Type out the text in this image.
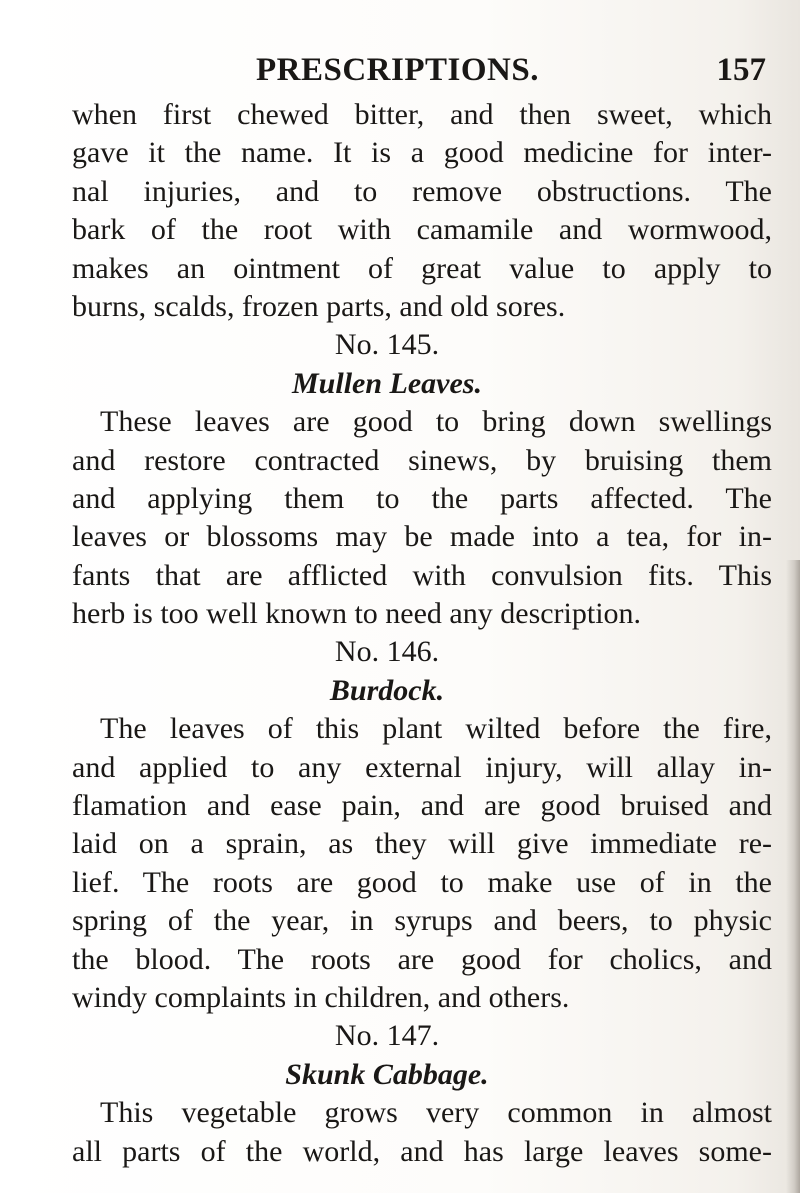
PRESCRIPTIONS.	157
when first chewed bitter, and then sweet, which
gave it the name. It is a good medicine for inter-
nal injuries, and to remove obstructions. The
bark of the root with camamile and wormwood,
makes an ointment of great value to apply to
burns, scalds, frozen parts, and old sores.
No. 145.
Mullen Leaves.
These leaves are good to bring down swellings
and restore contracted sinews, by bruising them
and applying them to the parts affected. The
leaves or blossoms may be made into a tea, for in-
fants that are afflicted with convulsion fits. This
herb is too well known to need any description.
No. 146.
Burdock.
The leaves of this plant wilted before the fire,
and applied to any external injury, will allay in-
flamation and ease pain, and are good bruised and
laid on a sprain, as they will give immediate re-
lief. The roots are good to make use of in the
spring of the year, in syrups and beers, to physic
the blood. The roots are good for cholics, and
windy complaints in children, and others.
No. 147.
Skunk Cabbage.
This vegetable grows very common in almost
all parts of the world, and has large leaves some-
